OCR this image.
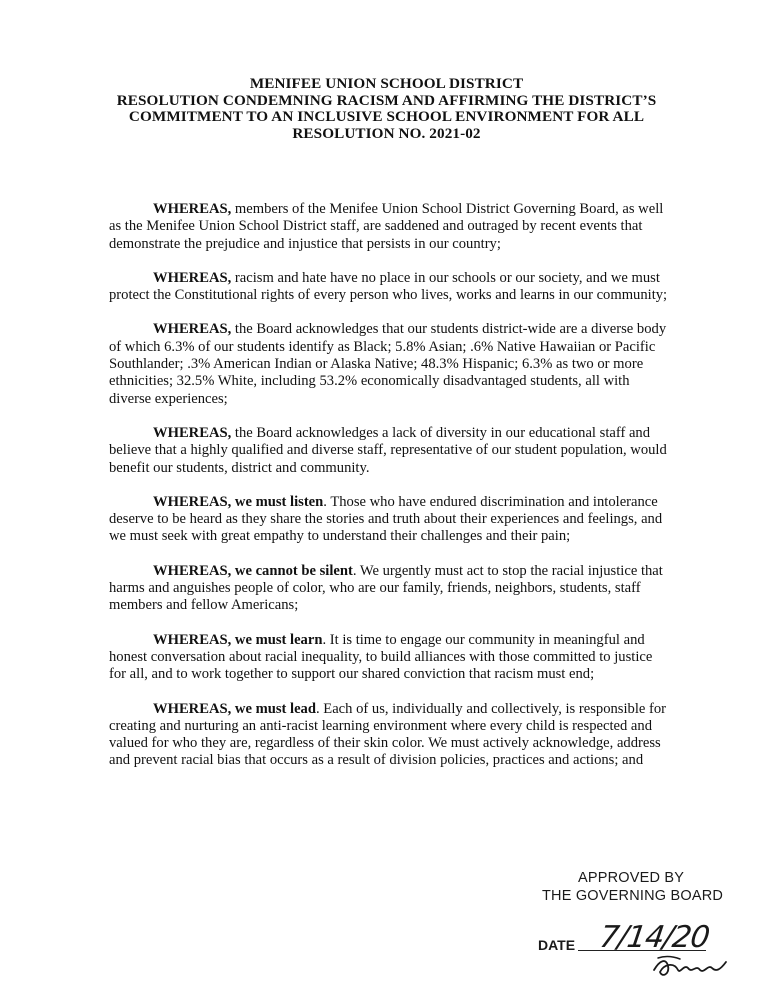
MENIFEE UNION SCHOOL DISTRICT
RESOLUTION CONDEMNING RACISM AND AFFIRMING THE DISTRICT’S
COMMITMENT TO AN INCLUSIVE SCHOOL ENVIRONMENT FOR ALL
RESOLUTION NO. 2021-02

WHEREAS, members of the Menifee Union School District Governing Board, as well as the Menifee Union School District staff, are saddened and outraged by recent events that demonstrate the prejudice and injustice that persists in our country;

WHEREAS, racism and hate have no place in our schools or our society, and we must protect the Constitutional rights of every person who lives, works and learns in our community;

WHEREAS, the Board acknowledges that our students district-wide are a diverse body of which 6.3% of our students identify as Black; 5.8% Asian; .6% Native Hawaiian or Pacific Southlander; .3% American Indian or Alaska Native; 48.3% Hispanic; 6.3% as two or more ethnicities; 32.5% White, including 53.2% economically disadvantaged students, all with diverse experiences;

WHEREAS, the Board acknowledges a lack of diversity in our educational staff and believe that a highly qualified and diverse staff, representative of our student population, would benefit our students, district and community.

WHEREAS, we must listen. Those who have endured discrimination and intolerance deserve to be heard as they share the stories and truth about their experiences and feelings, and we must seek with great empathy to understand their challenges and their pain;

WHEREAS, we cannot be silent. We urgently must act to stop the racial injustice that harms and anguishes people of color, who are our family, friends, neighbors, students, staff members and fellow Americans;

WHEREAS, we must learn. It is time to engage our community in meaningful and honest conversation about racial inequality, to build alliances with those committed to justice for all, and to work together to support our shared conviction that racism must end;

WHEREAS, we must lead. Each of us, individually and collectively, is responsible for creating and nurturing an anti-racist learning environment where every child is respected and valued for who they are, regardless of their skin color. We must actively acknowledge, address and prevent racial bias that occurs as a result of division policies, practices and actions; and

APPROVED BY
THE GOVERNING BOARD
DATE 7/14/20
